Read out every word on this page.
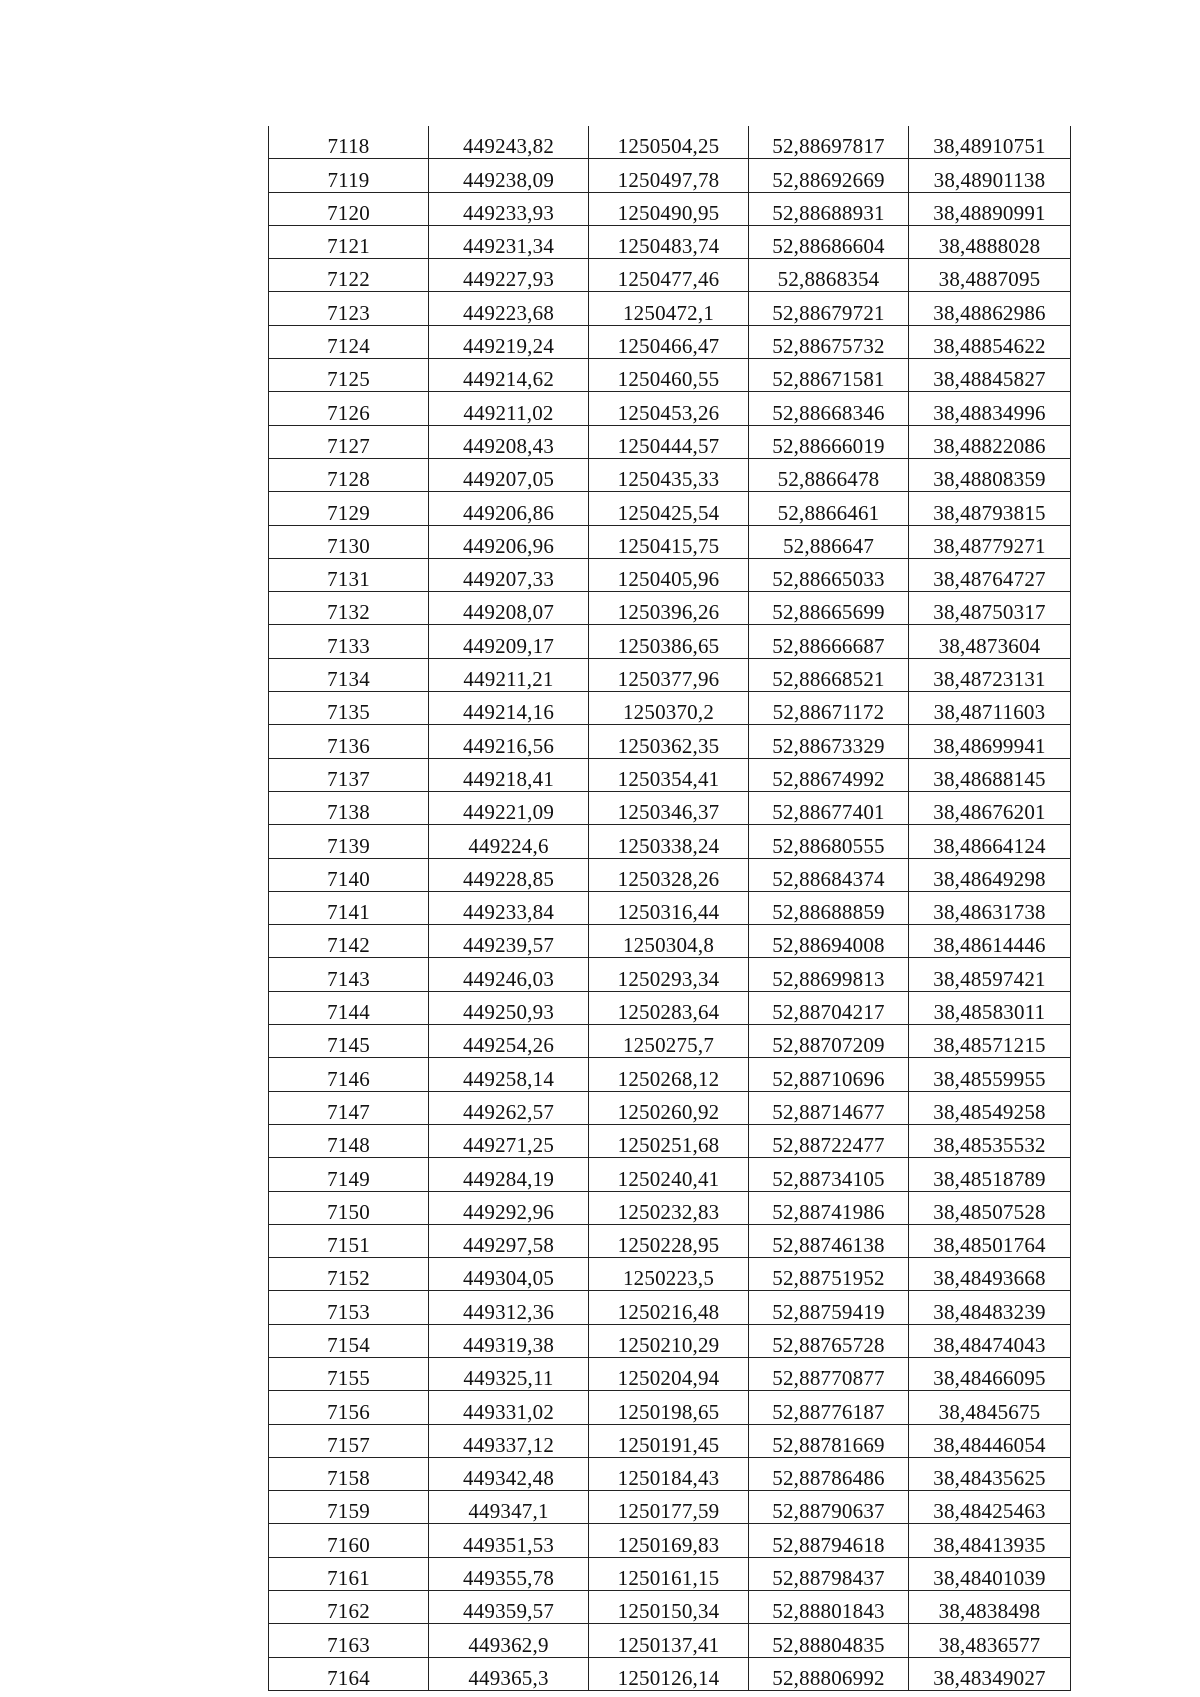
7118	449243,82	1250504,25	52,88697817	38,48910751
7119	449238,09	1250497,78	52,88692669	38,48901138
7120	449233,93	1250490,95	52,88688931	38,48890991
7121	449231,34	1250483,74	52,88686604	38,4888028
7122	449227,93	1250477,46	52,8868354	38,4887095
7123	449223,68	1250472,1	52,88679721	38,48862986
7124	449219,24	1250466,47	52,88675732	38,48854622
7125	449214,62	1250460,55	52,88671581	38,48845827
7126	449211,02	1250453,26	52,88668346	38,48834996
7127	449208,43	1250444,57	52,88666019	38,48822086
7128	449207,05	1250435,33	52,8866478	38,48808359
7129	449206,86	1250425,54	52,8866461	38,48793815
7130	449206,96	1250415,75	52,886647	38,48779271
7131	449207,33	1250405,96	52,88665033	38,48764727
7132	449208,07	1250396,26	52,88665699	38,48750317
7133	449209,17	1250386,65	52,88666687	38,4873604
7134	449211,21	1250377,96	52,88668521	38,48723131
7135	449214,16	1250370,2	52,88671172	38,48711603
7136	449216,56	1250362,35	52,88673329	38,48699941
7137	449218,41	1250354,41	52,88674992	38,48688145
7138	449221,09	1250346,37	52,88677401	38,48676201
7139	449224,6	1250338,24	52,88680555	38,48664124
7140	449228,85	1250328,26	52,88684374	38,48649298
7141	449233,84	1250316,44	52,88688859	38,48631738
7142	449239,57	1250304,8	52,88694008	38,48614446
7143	449246,03	1250293,34	52,88699813	38,48597421
7144	449250,93	1250283,64	52,88704217	38,48583011
7145	449254,26	1250275,7	52,88707209	38,48571215
7146	449258,14	1250268,12	52,88710696	38,48559955
7147	449262,57	1250260,92	52,88714677	38,48549258
7148	449271,25	1250251,68	52,88722477	38,48535532
7149	449284,19	1250240,41	52,88734105	38,48518789
7150	449292,96	1250232,83	52,88741986	38,48507528
7151	449297,58	1250228,95	52,88746138	38,48501764
7152	449304,05	1250223,5	52,88751952	38,48493668
7153	449312,36	1250216,48	52,88759419	38,48483239
7154	449319,38	1250210,29	52,88765728	38,48474043
7155	449325,11	1250204,94	52,88770877	38,48466095
7156	449331,02	1250198,65	52,88776187	38,4845675
7157	449337,12	1250191,45	52,88781669	38,48446054
7158	449342,48	1250184,43	52,88786486	38,48435625
7159	449347,1	1250177,59	52,88790637	38,48425463
7160	449351,53	1250169,83	52,88794618	38,48413935
7161	449355,78	1250161,15	52,88798437	38,48401039
7162	449359,57	1250150,34	52,88801843	38,4838498
7163	449362,9	1250137,41	52,88804835	38,4836577
7164	449365,3	1250126,14	52,88806992	38,48349027
